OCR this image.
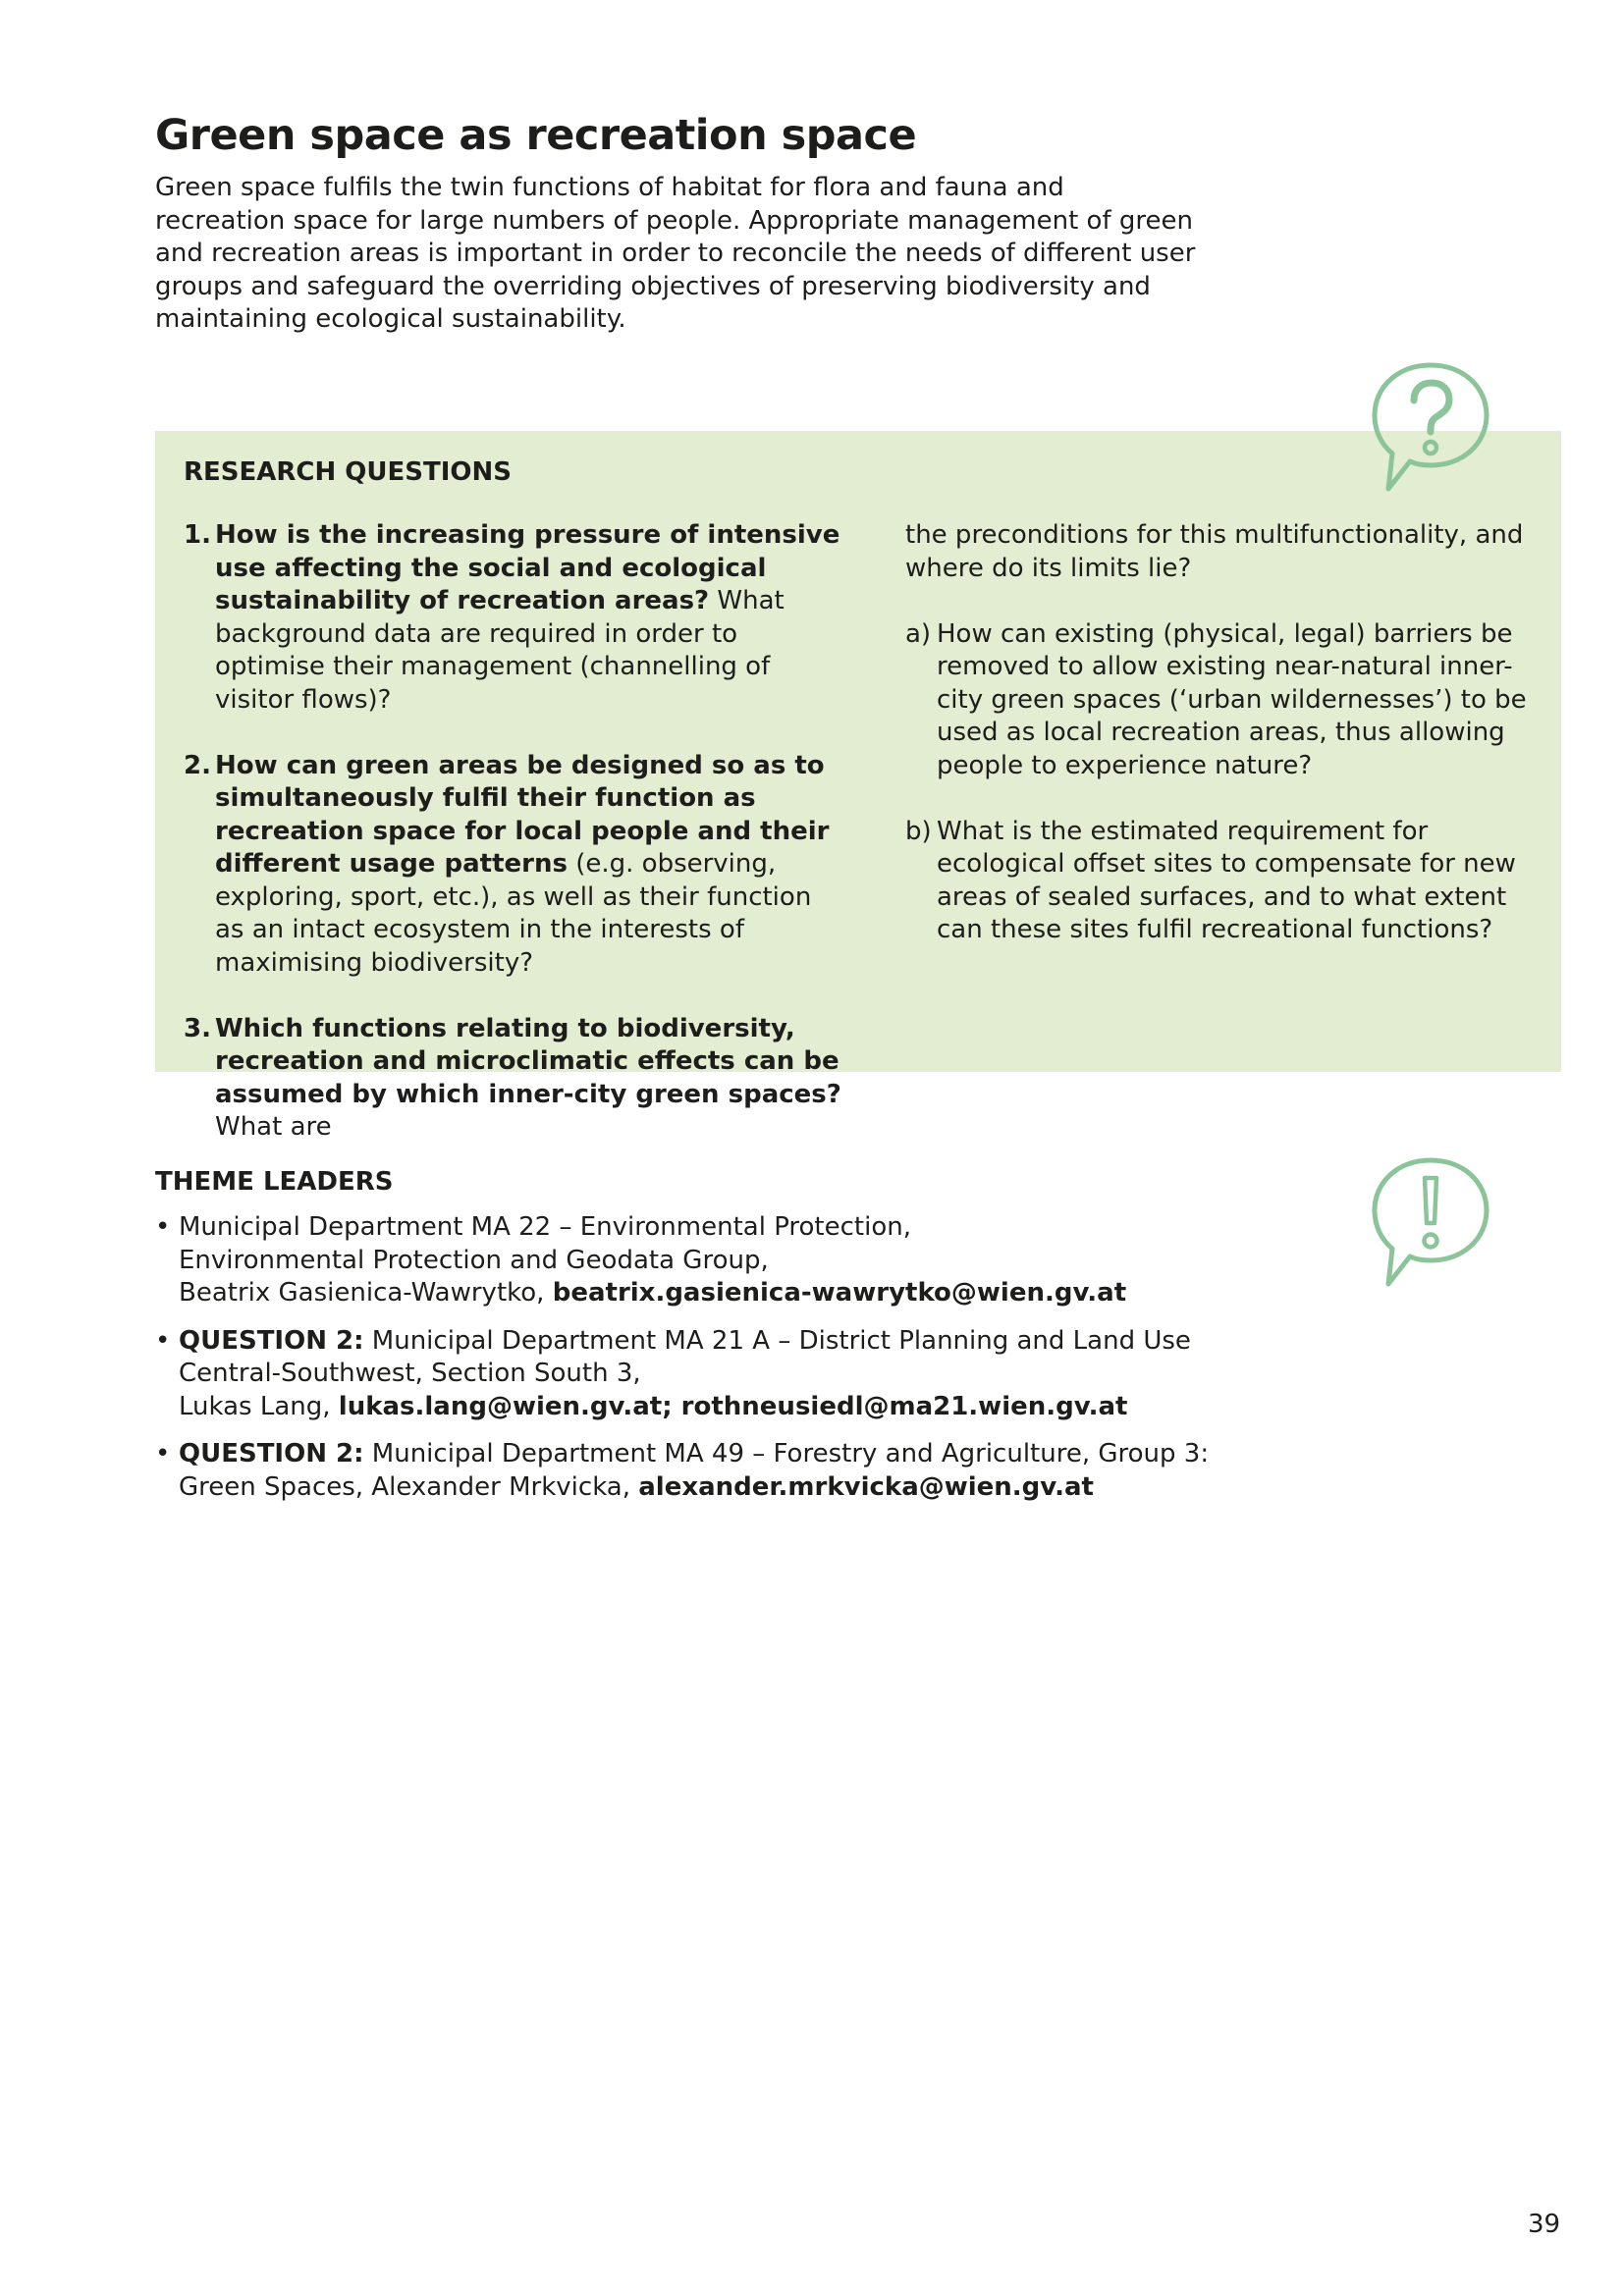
Green space as recreation space

Green space fulfils the twin functions of habitat for flora and fauna and recreation space for large numbers of people. Appropriate management of green and recreation areas is important in order to reconcile the needs of different user groups and safeguard the overriding objectives of preserving biodiversity and maintaining ecological sustainability.

RESEARCH QUESTIONS
1. How is the increasing pressure of intensive use affecting the social and ecological sustainability of recreation areas? What background data are required in order to optimise their management (channelling of visitor flows)?
2. How can green areas be designed so as to simultaneously fulfil their function as recreation space for local people and their different usage patterns (e.g. observing, exploring, sport, etc.), as well as their function as an intact ecosystem in the interests of maximising biodiversity?
3. Which functions relating to biodiversity, recreation and microclimatic effects can be assumed by which inner-city green spaces? What are

the preconditions for this multifunctionality, and where do its limits lie?

a) How can existing (physical, legal) barriers be removed to allow existing near-natural inner-city green spaces (‘urban wildernesses’) to be used as local recreation areas, thus allowing people to experience nature?
b) What is the estimated requirement for ecological offset sites to compensate for new areas of sealed surfaces, and to what extent can these sites fulfil recreational functions?
THEME LEADERS
• Municipal Department MA 22 – Environmental Protection,
Environmental Protection and Geodata Group,
Beatrix Gasienica-Wawrytko, beatrix.gasienica-wawrytko@wien.gv.at
• QUESTION 2: Municipal Department MA 21 A – District Planning and Land Use
Central-Southwest, Section South 3,
Lukas Lang, lukas.lang@wien.gv.at; rothneusiedl@ma21.wien.gv.at
• QUESTION 2: Municipal Department MA 49 – Forestry and Agriculture, Group 3:
Green Spaces, Alexander Mrkvicka, alexander.mrkvicka@wien.gv.at
39
